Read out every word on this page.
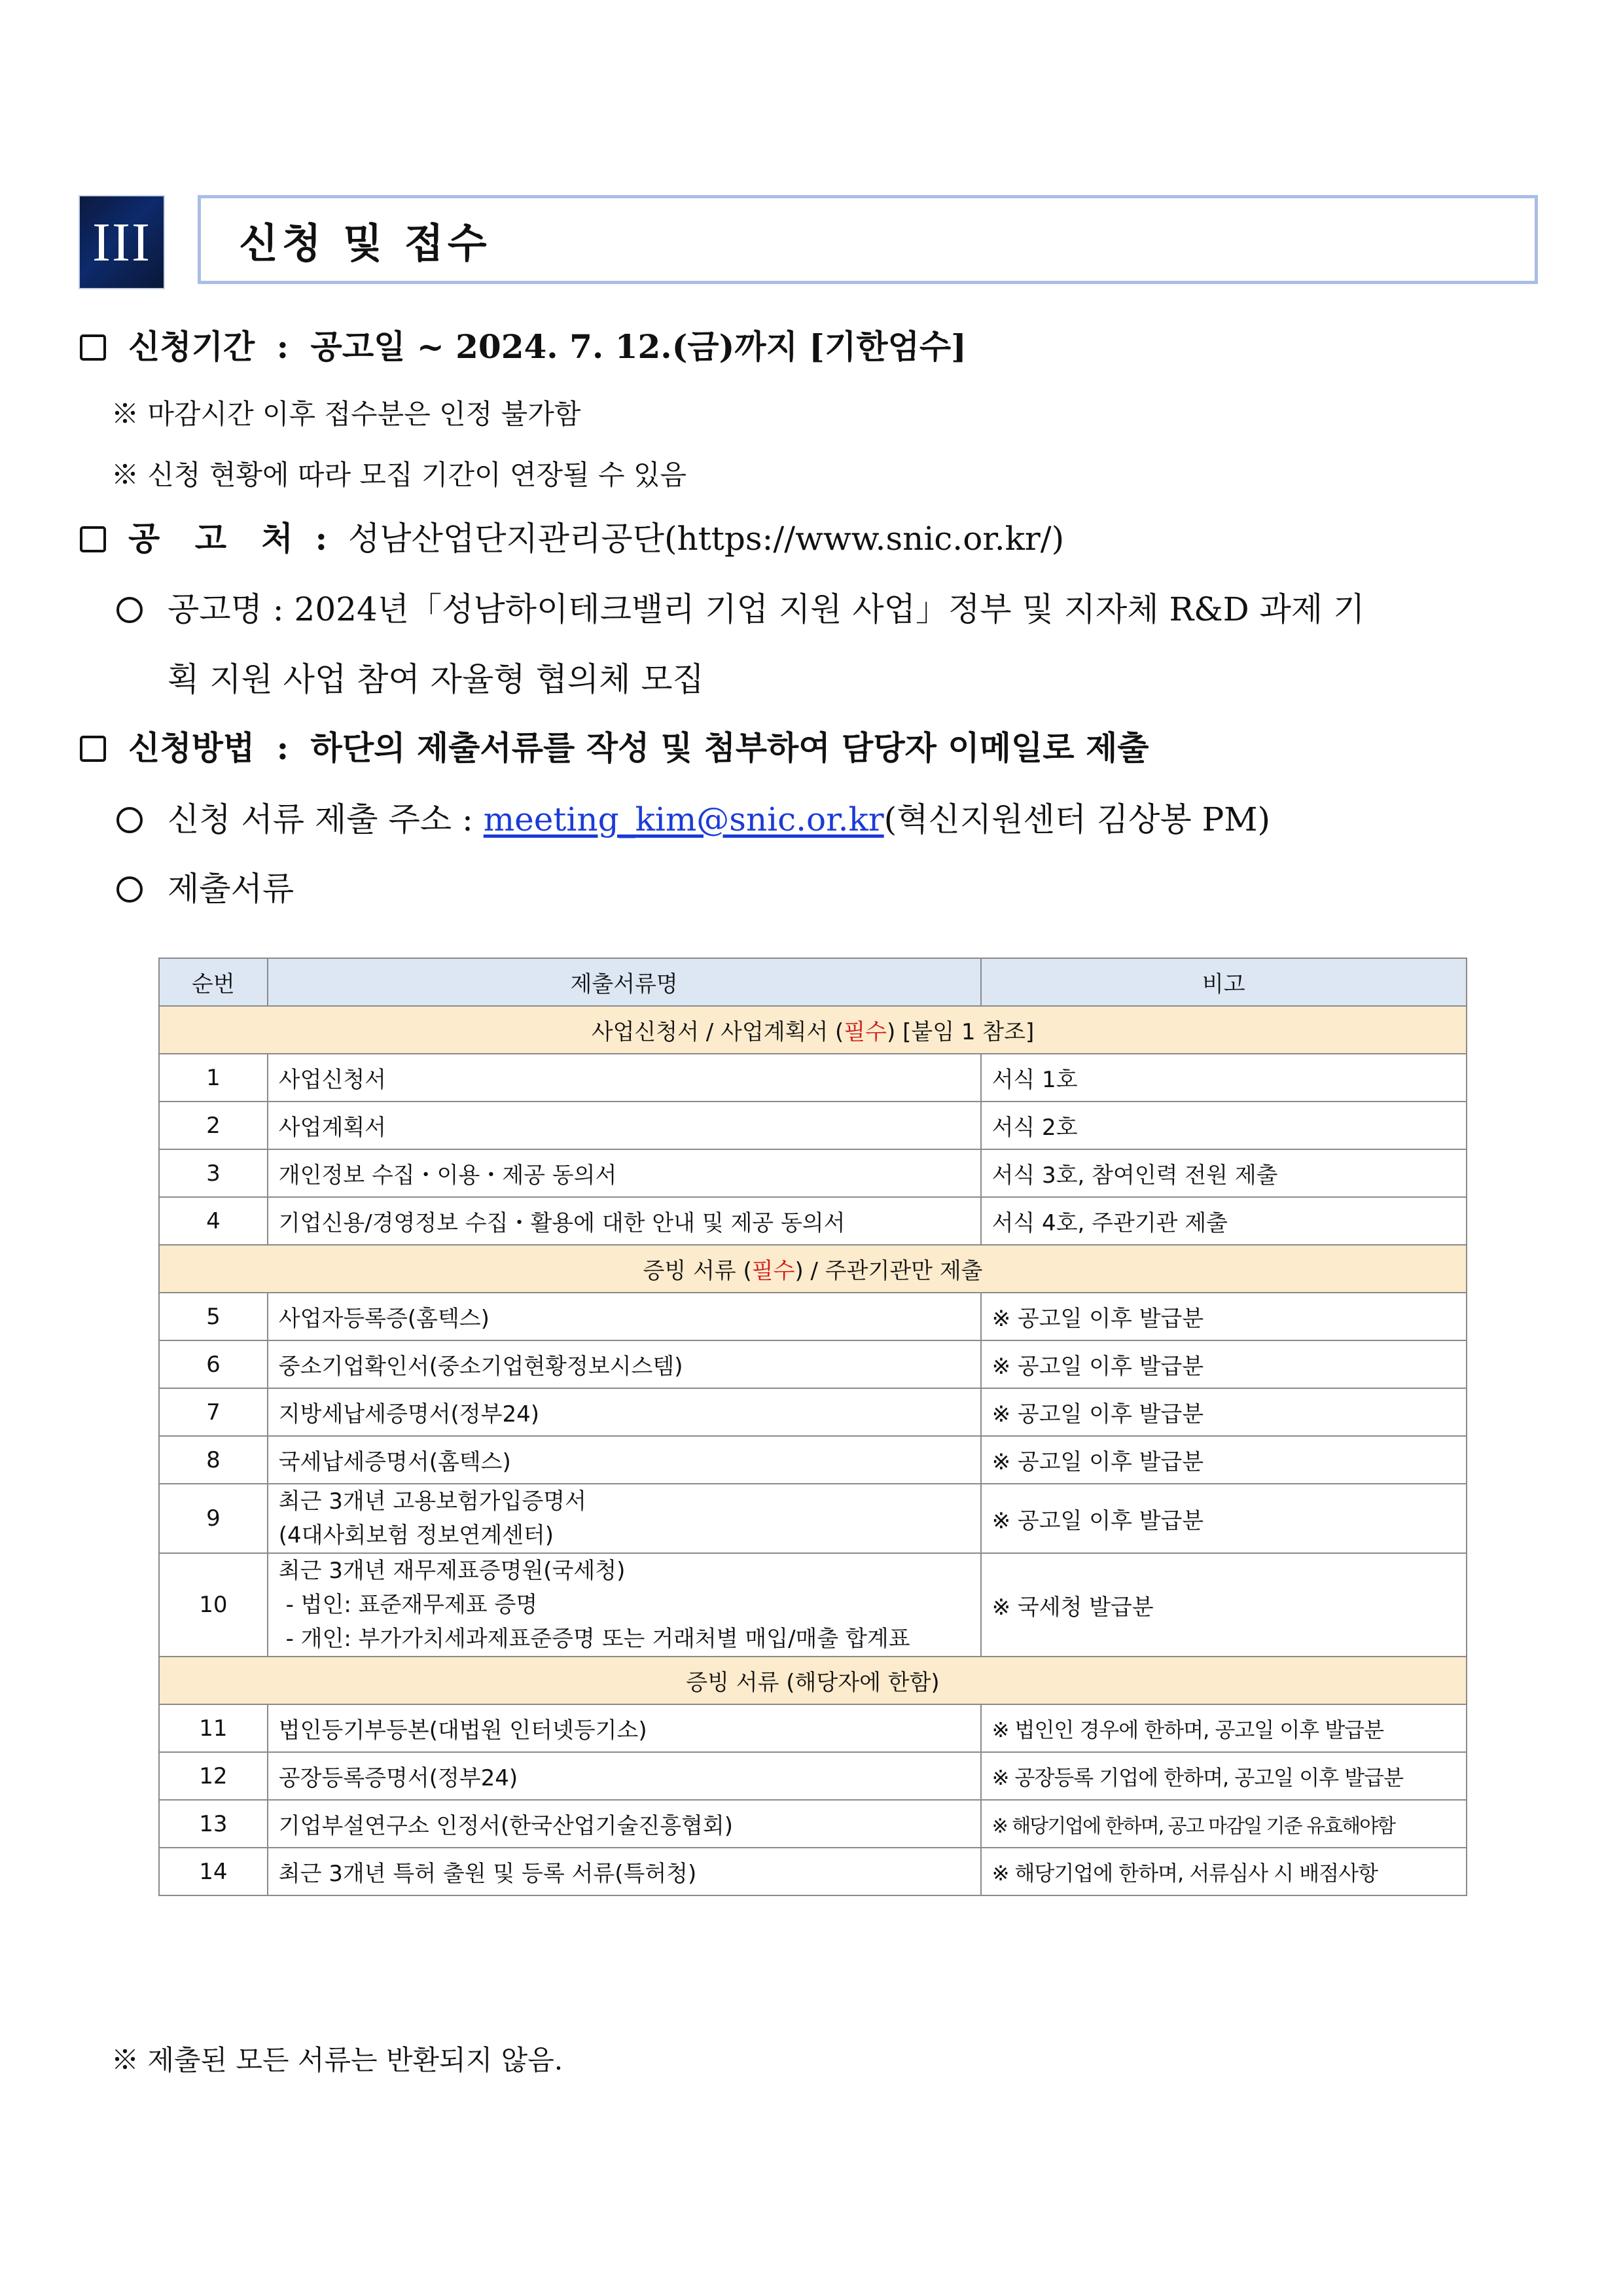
III	신청 및 접수
신청기간 : 공고일 ~ 2024. 7. 12.(금)까지 [기한엄수]
※ 마감시간 이후 접수분은 인정 불가함
※ 신청 현황에 따라 모집 기간이 연장될 수 있음
공 고 처 : 성남산업단지관리공단(https://www.snic.or.kr/)
공고명 : 2024년「성남하이테크밸리 기업 지원 사업」정부 및 지자체 R&D 과제 기
획 지원 사업 참여 자율형 협의체 모집
신청방법 : 하단의 제출서류를 작성 및 첨부하여 담당자 이메일로 제출
신청 서류 제출 주소 : meeting_kim@snic.or.kr(혁신지원센터 김상봉 PM)
제출서류
순번	제출서류명	비고
사업신청서 / 사업계획서 (필수) [붙임 1 참조]		
1	사업신청서	서식 1호
2	사업계획서	서식 2호
3	개인정보 수집・이용・제공 동의서	서식 3호, 참여인력 전원 제출
4	기업신용/경영정보 수집・활용에 대한 안내 및 제공 동의서	서식 4호, 주관기관 제출
증빙 서류 (필수) / 주관기관만 제출		
5	사업자등록증(홈텍스)	※ 공고일 이후 발급분
6	중소기업확인서(중소기업현황정보시스템)	※ 공고일 이후 발급분
7	지방세납세증명서(정부24)	※ 공고일 이후 발급분
8	국세납세증명서(홈텍스)	※ 공고일 이후 발급분
9	최근 3개년 고용보험가입증명서
(4대사회보험 정보연계센터)	※ 공고일 이후 발급분
10	최근 3개년 재무제표증명원(국세청)
- 법인: 표준재무제표 증명
- 개인: 부가가치세과제표준증명 또는 거래처별 매입/매출 합계표	※ 국세청 발급분
증빙 서류 (해당자에 한함)		
11	법인등기부등본(대법원 인터넷등기소)	※ 법인인 경우에 한하며, 공고일 이후 발급분
12	공장등록증명서(정부24)	※ 공장등록 기업에 한하며, 공고일 이후 발급분
13	기업부설연구소 인정서(한국산업기술진흥협회)	※ 해당기업에 한하며, 공고 마감일 기준 유효해야함
14	최근 3개년 특허 출원 및 등록 서류(특허청)	※ 해당기업에 한하며, 서류심사 시 배점사항
※ 제출된 모든 서류는 반환되지 않음.
